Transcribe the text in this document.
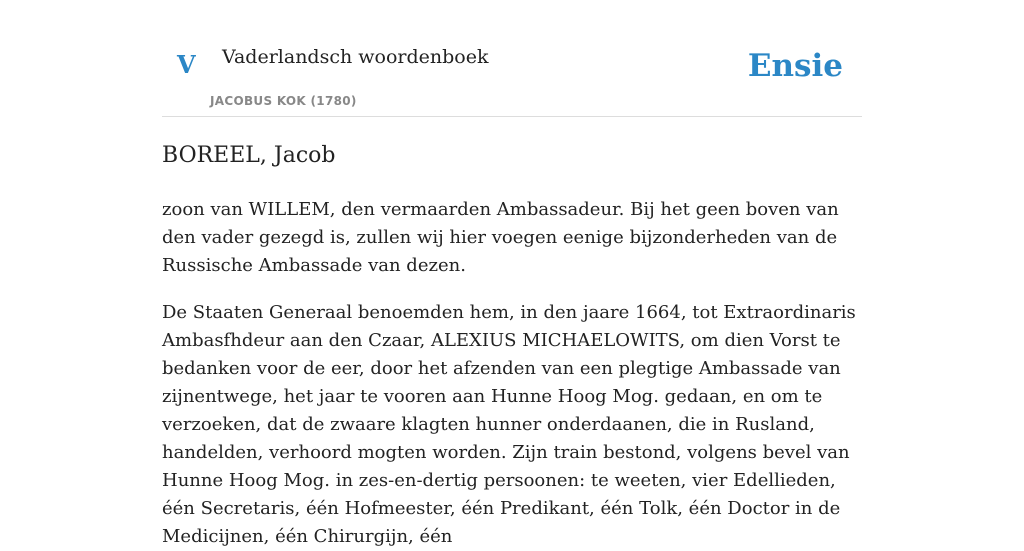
V Vaderlandsch woordenboek
JACOBUS KOK (1780)
Ensie
BOREEL, Jacob

zoon van WILLEM, den vermaarden Ambassadeur. Bij het geen boven van den vader gezegd is, zullen wij hier voegen eenige bijzonderheden van de Russische Ambassade van dezen.

De Staaten Generaal benoemden hem, in den jaare 1664, tot Extraordinaris Ambasfhdeur aan den Czaar, ALEXIUS MICHAELOWITS, om dien Vorst te bedanken voor de eer, door het afzenden van een plegtige Ambassade van zijnentwege, het jaar te vooren aan Hunne Hoog Mog. gedaan, en om te verzoeken, dat de zwaare klagten hunner onderdaanen, die in Rusland, handelden, verhoord mogten worden. Zijn train bestond, volgens bevel van Hunne Hoog Mog. in zes-en-dertig persoonen: te weeten, vier Edellieden, één Secretaris, één Hofmeester, één Predikant, één Tolk, één Doctor in de Medicijnen, één Chirurgijn, één
